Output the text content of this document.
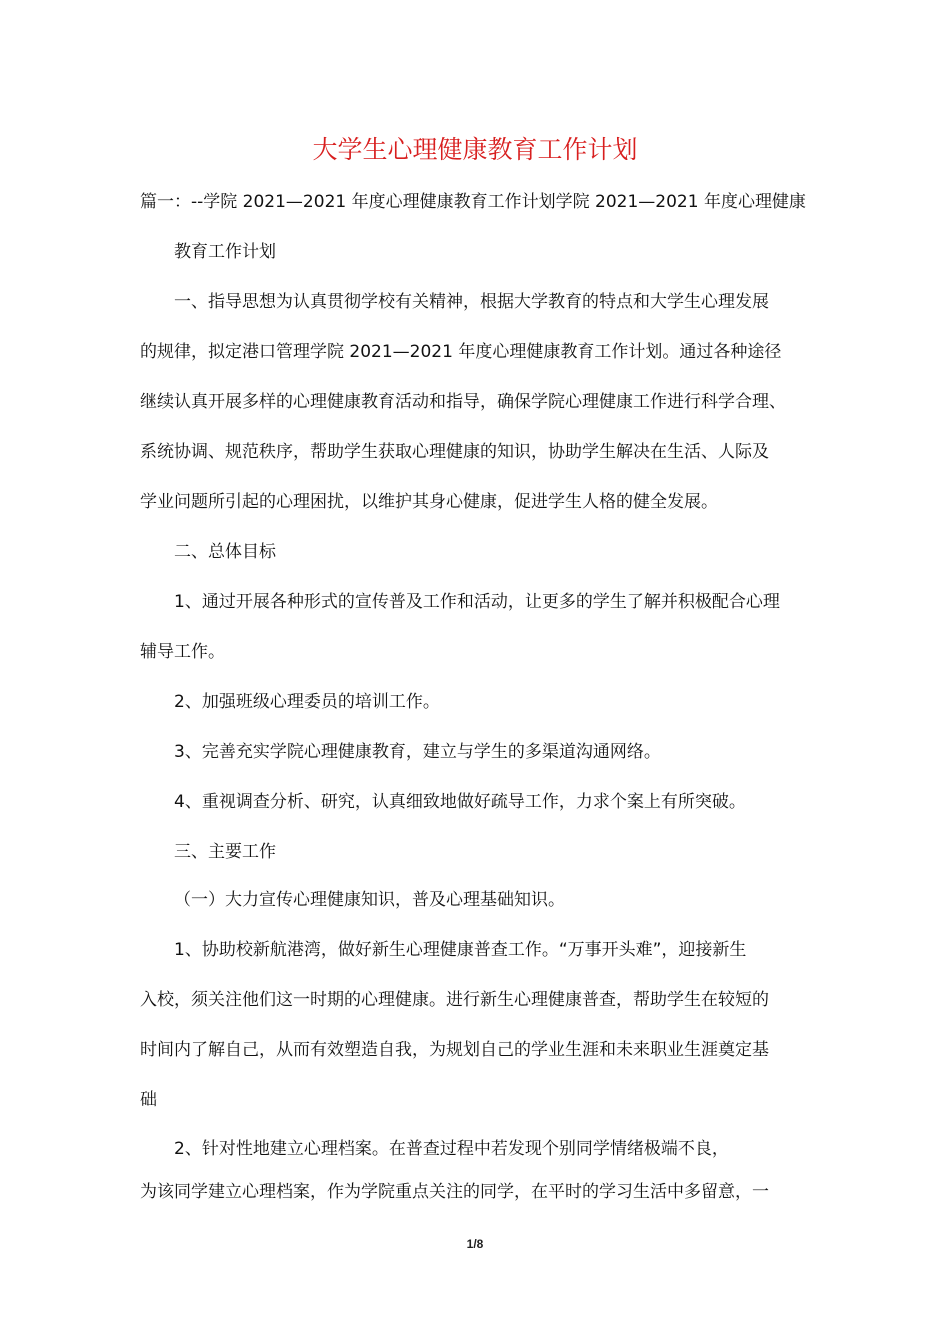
大学生心理健康教育工作计划
篇一：--学院 2021—2021 年度心理健康教育工作计划学院 2021—2021 年度心理健康
教育工作计划
一、指导思想为认真贯彻学校有关精神，根据大学教育的特点和大学生心理发展
的规律，拟定港口管理学院 2021—2021 年度心理健康教育工作计划。通过各种途径
继续认真开展多样的心理健康教育活动和指导，确保学院心理健康工作进行科学合理、
系统协调、规范秩序，帮助学生获取心理健康的知识，协助学生解决在生活、人际及
学业问题所引起的心理困扰，以维护其身心健康，促进学生人格的健全发展。
二、总体目标
1、通过开展各种形式的宣传普及工作和活动，让更多的学生了解并积极配合心理
辅导工作。
2、加强班级心理委员的培训工作。
3、完善充实学院心理健康教育，建立与学生的多渠道沟通网络。
4、重视调查分析、研究，认真细致地做好疏导工作，力求个案上有所突破。
三、主要工作
（一）大力宣传心理健康知识，普及心理基础知识。
1、协助校新航港湾，做好新生心理健康普查工作。“万事开头难”，迎接新生
入校，须关注他们这一时期的心理健康。进行新生心理健康普查，帮助学生在较短的
时间内了解自己，从而有效塑造自我，为规划自己的学业生涯和未来职业生涯奠定基
础
2、针对性地建立心理档案。在普查过程中若发现个别同学情绪极端不良，
为该同学建立心理档案，作为学院重点关注的同学，在平时的学习生活中多留意，一
1/8
